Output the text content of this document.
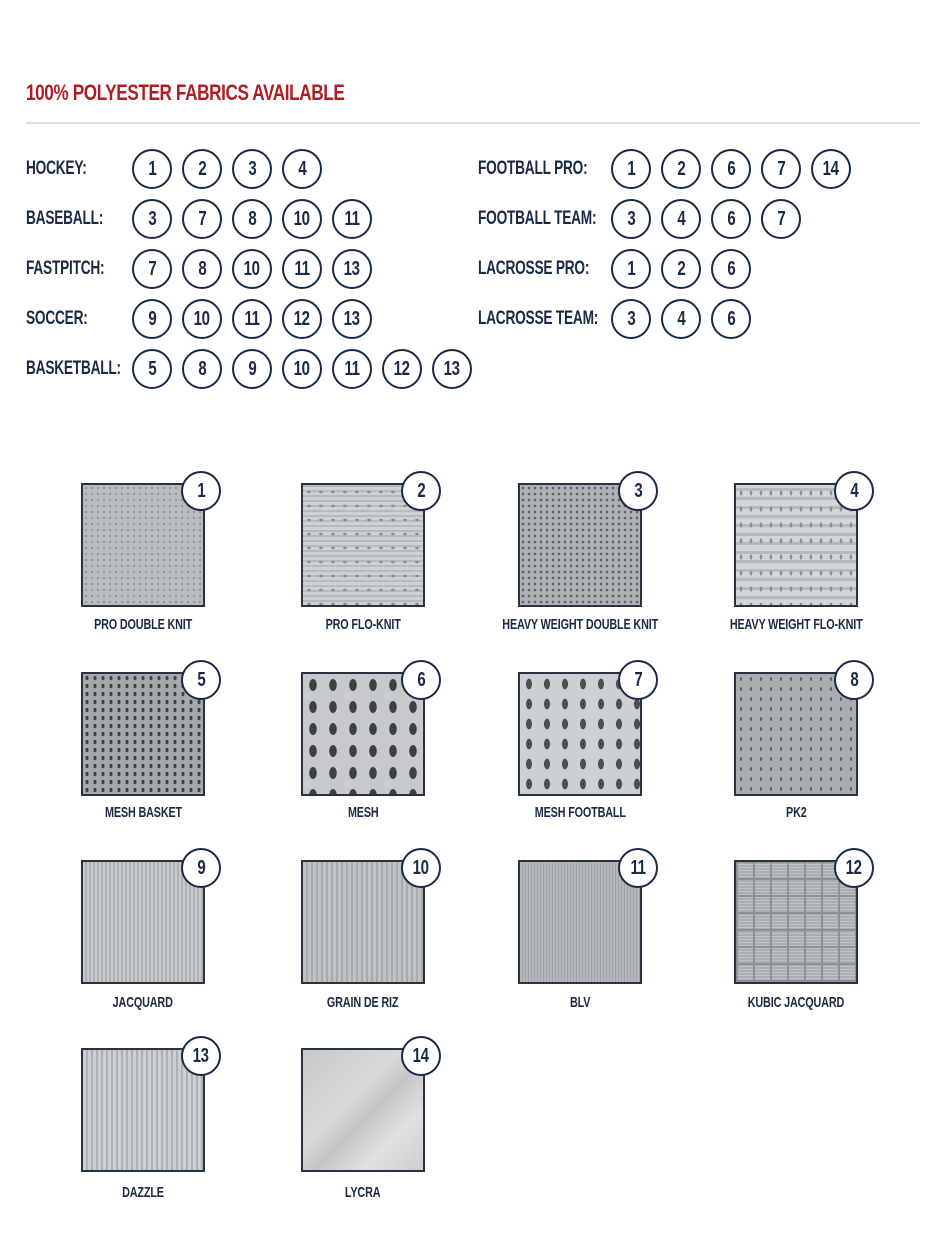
100% POLYESTER FABRICS AVAILABLE
HOCKEY:	1 2 3 4
BASEBALL: 3 7 8 10 11
FASTPITCH: 7 8 10 11 13
SOCCER:	9 10 11 12 13
BASKETBALL: 5 8 9 10 11 12 13
FOOTBALL PRO: 1 2 6 7 14
FOOTBALL TEAM: 3 4 6 7
LACROSSE PRO: 1 2 6
LACROSSE TEAM: 3 4 6
1
PRO DOUBLE KNIT
2
PRO FLO-KNIT
3
HEAVY WEIGHT DOUBLE KNIT
4
HEAVY WEIGHT FLO-KNIT
5
MESH BASKET
6
MESH
7
MESH FOOTBALL
8
PK2
9
JACQUARD
10
GRAIN DE RIZ
11
BLV
12
KUBIC JACQUARD
13
DAZZLE
14
LYCRA
